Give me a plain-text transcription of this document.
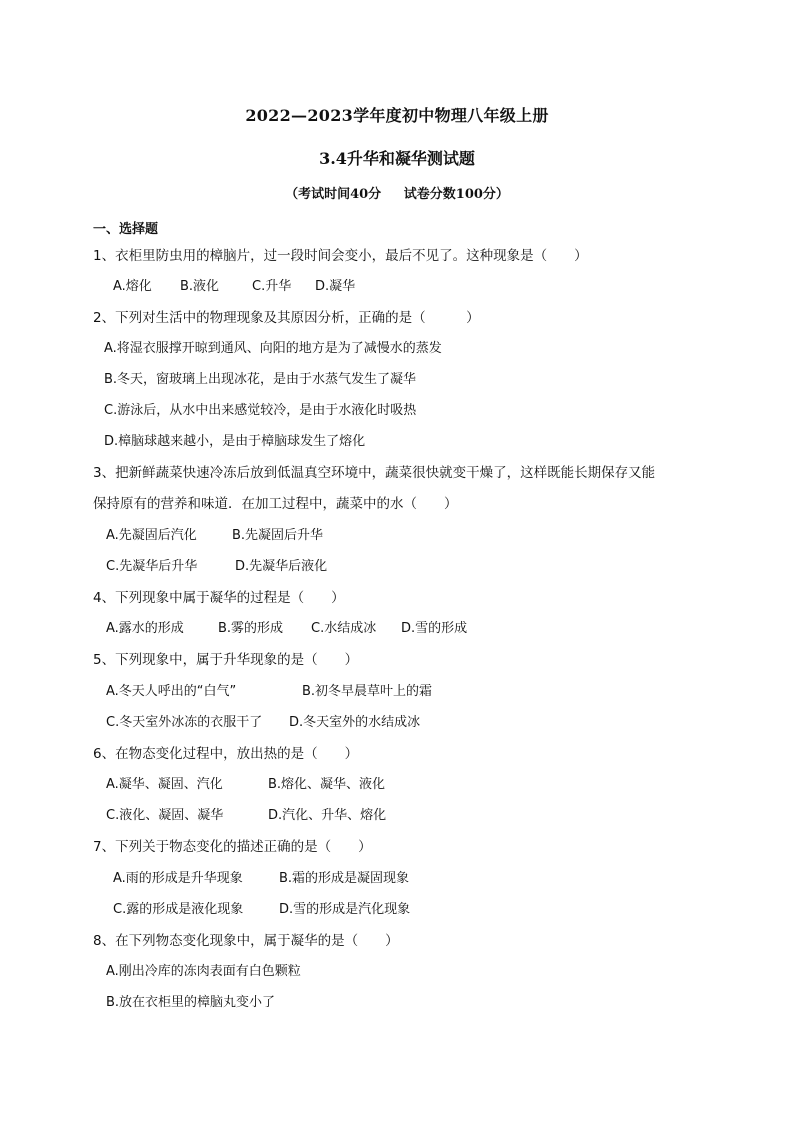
2022—2023学年度初中物理八年级上册
3.4升华和凝华测试题
（考试时间40分     试卷分数100分）
一、选择题
1、衣柜里防虫用的樟脑片，过一段时间会变小，最后不见了。这种现象是（　　）
A.熔化 B.液化	C.升华 D.凝华
2、下列对生活中的物理现象及其原因分析，正确的是（　　　）
A.将湿衣服撑开晾到通风、向阳的地方是为了减慢水的蒸发
B.冬天，窗玻璃上出现冰花，是由于水蒸气发生了凝华
C.游泳后，从水中出来感觉较冷，是由于水液化时吸热
D.樟脑球越来越小，是由于樟脑球发生了熔化
3、把新鲜蔬菜快速冷冻后放到低温真空环境中，蔬菜很快就变干燥了，这样既能长期保存又能
保持原有的营养和味道．在加工过程中，蔬菜中的水（　　）
A.先凝固后汽化	B.先凝固后升华
C.先凝华后升华	D.先凝华后液化
4、下列现象中属于凝华的过程是（　　）
A.露水的形成	B.雾的形成 C.水结成冰 D.雪的形成
5、下列现象中，属于升华现象的是（　　）
A.冬天人呼出的“白气”	B.初冬早晨草叶上的霜
C.冬天室外冰冻的衣服干了 D.冬天室外的水结成冰
6、在物态变化过程中，放出热的是（　　）
A.凝华、凝固、汽化	B.熔化、凝华、液化
C.液化、凝固、凝华	D.汽化、升华、熔化
7、下列关于物态变化的描述正确的是（　　）
A.雨的形成是升华现象	B.霜的形成是凝固现象
C.露的形成是液化现象	D.雪的形成是汽化现象
8、在下列物态变化现象中，属于凝华的是（　　）
A.刚出冷库的冻肉表面有白色颗粒
B.放在衣柜里的樟脑丸变小了
